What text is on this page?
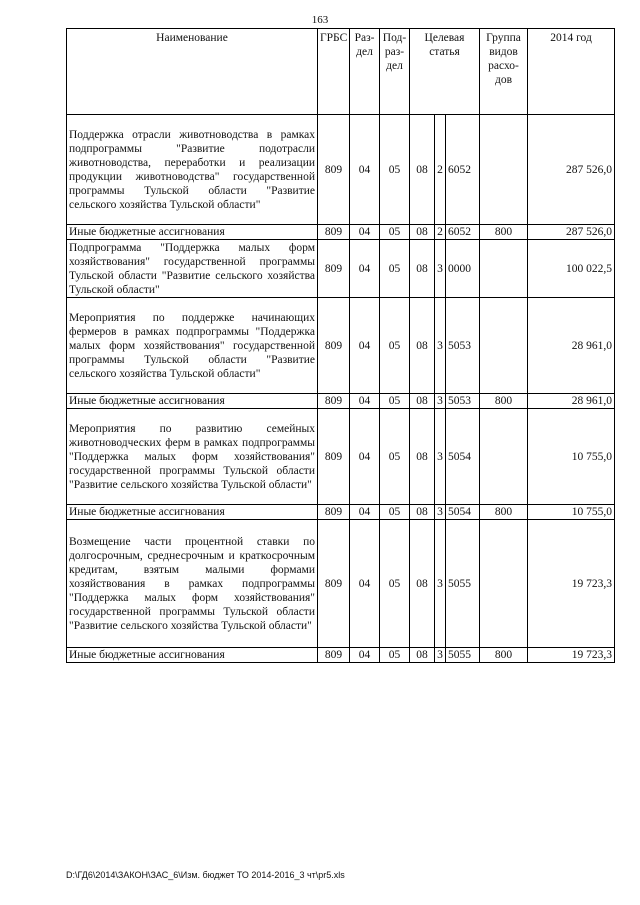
163
Наименование	ГРБС	Раз-дел	Под-раз-дел	Целевая статья			Группа видов расхо-дов	2014 год
Поддержка отрасли животноводства в рамках подпрограммы "Развитие подотрасли животноводства, переработки и реализации продукции животноводства" государственной программы Тульской области "Развитие сельского хозяйства Тульской области"	809	04	05	08	2	6052		287 526,0
Иные бюджетные ассигнования	809	04	05	08	2	6052	800	287 526,0
Подпрограмма "Поддержка малых форм хозяйствования" государственной программы Тульской области "Развитие сельского хозяйства Тульской области"	809	04	05	08	3	0000		100 022,5
Мероприятия по поддержке начинающих фермеров в рамках подпрограммы "Поддержка малых форм хозяйствования" государственной программы Тульской области "Развитие сельского хозяйства Тульской области"	809	04	05	08	3	5053		28 961,0
Иные бюджетные ассигнования	809	04	05	08	3	5053	800	28 961,0
Мероприятия по развитию семейных животноводческих ферм в рамках подпрограммы "Поддержка малых форм хозяйствования" государственной программы Тульской области "Развитие сельского хозяйства Тульской области"	809	04	05	08	3	5054		10 755,0
Иные бюджетные ассигнования	809	04	05	08	3	5054	800	10 755,0
Возмещение части процентной ставки по долгосрочным, среднесрочным и краткосрочным кредитам, взятым малыми формами хозяйствования в рамках подпрограммы "Поддержка малых форм хозяйствования" государственной программы Тульской области "Развитие сельского хозяйства Тульской области"	809	04	05	08	3	5055		19 723,3
Иные бюджетные ассигнования	809	04	05	08	3	5055	800	19 723,3
D:\ГД6\2014\ЗАКОН\ЗАС_6\Изм. бюджет ТО 2014-2016_3 чт\pr5.xls
